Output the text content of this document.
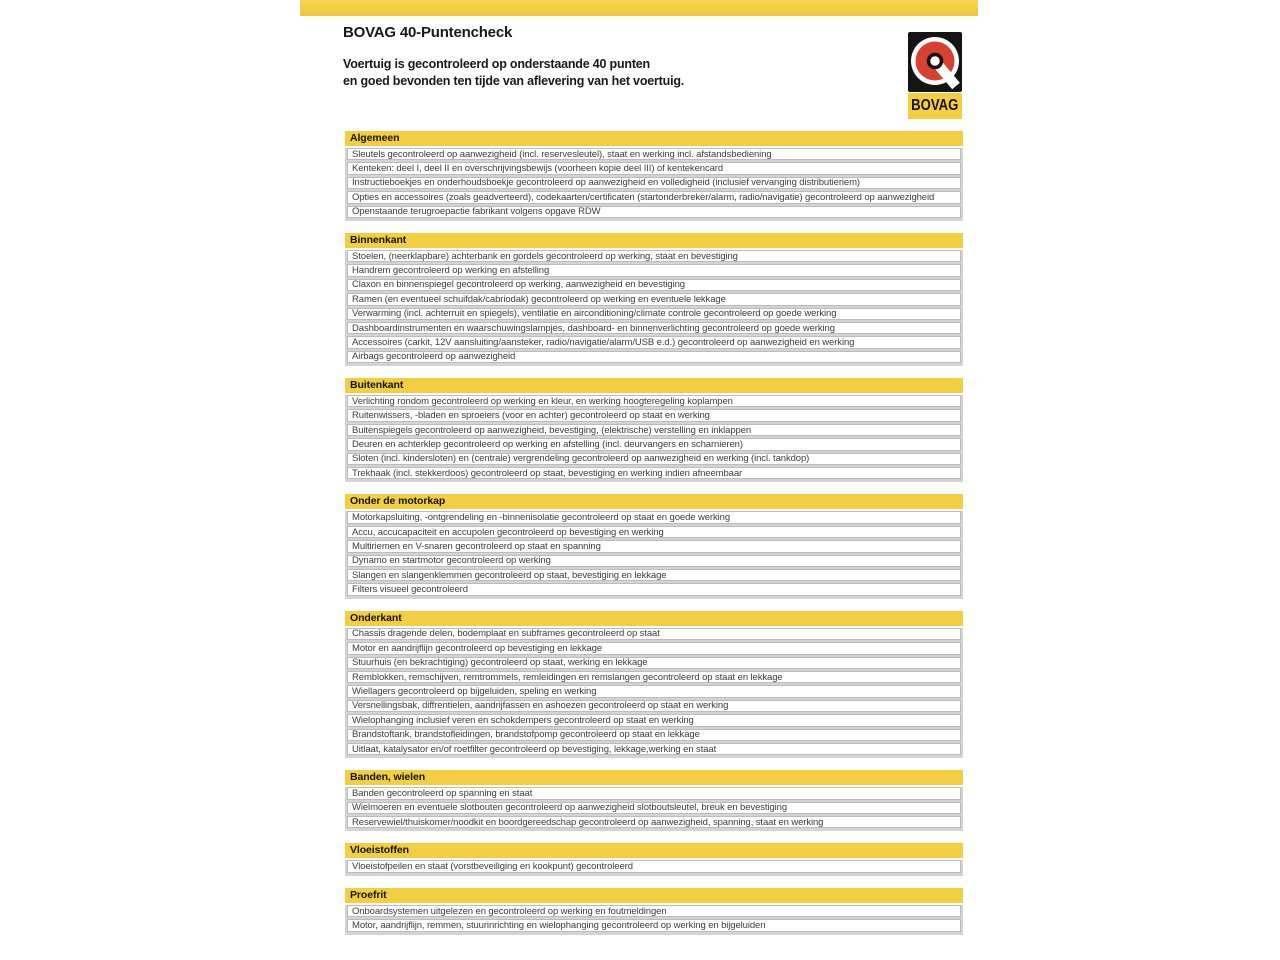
BOVAG 40-Puntencheck
Voertuig is gecontroleerd op onderstaande 40 punten
en goed bevonden ten tijde van aflevering van het voertuig.
Algemeen
Sleutels gecontroleerd op aanwezigheid (incl. reservesleutel), staat en werking incl. afstandsbediening
Kenteken: deel I, deel II en overschrijvingsbewijs (voorheen kopie deel III) of kentekencard
Instructieboekjes en onderhoudsboekje gecontroleerd op aanwezigheid en volledigheid (inclusief vervanging distributieriem)
Opties en accessoires (zoals geadverteerd), codekaarten/certificaten (startonderbreker/alarm, radio/navigatie) gecontroleerd op aanwezigheid
Openstaande terugroepactie fabrikant volgens opgave RDW
Binnenkant
Stoelen, (neerklapbare) achterbank en gordels gecontroleerd op werking, staat en bevestiging
Handrem gecontroleerd op werking en afstelling
Claxon en binnenspiegel gecontroleerd op werking, aanwezigheid en bevestiging
Ramen (en eventueel schuifdak/cabriodak) gecontroleerd op werking en eventuele lekkage
Verwarming (incl. achterruit en spiegels), ventilatie en airconditioning/climate controle gecontroleerd op goede werking
Dashboardinstrumenten en waarschuwingslampjes, dashboard- en binnenverlichting gecontroleerd op goede werking
Accessoires (carkit, 12V aansluiting/aansteker, radio/navigatie/alarm/USB e.d.) gecontroleerd op aanwezigheid en werking
Airbags gecontroleerd op aanwezigheid
Buitenkant
Verlichting rondom gecontroleerd op werking en kleur, en werking hoogteregeling koplampen
Ruitenwissers, -bladen en sproeiers (voor en achter) gecontroleerd op staat en werking
Buitenspiegels gecontroleerd op aanwezigheid, bevestiging, (elektrische) verstelling en inklappen
Deuren en achterklep gecontroleerd op werking en afstelling (incl. deurvangers en scharnieren)
Sloten (incl. kindersloten) en (centrale) vergrendeling gecontroleerd op aanwezigheid en werking (incl. tankdop)
Trekhaak (incl. stekkerdoos) gecontroleerd op staat, bevestiging en werking indien afneembaar
Onder de motorkap
Motorkapsluiting, -ontgrendeling en -binnenisolatie gecontroleerd op staat en goede werking
Accu, accucapaciteit en accupolen gecontroleerd op bevestiging en werking
Multiriemen en V-snaren gecontroleerd op staat en spanning
Dynamo en startmotor gecontroleerd op werking
Slangen en slangenklemmen gecontroleerd op staat, bevestiging en lekkage
Filters visueel gecontroleerd
Onderkant
Chassis dragende delen, bodemplaat en subframes gecontroleerd op staat
Motor en aandrijflijn gecontroleerd op bevestiging en lekkage
Stuurhuis (en bekrachtiging) gecontroleerd op staat, werking en lekkage
Remblokken, remschijven, remtrommels, remleidingen en remslangen gecontroleerd op staat en lekkage
Wiellagers gecontroleerd op bijgeluiden, speling en werking
Versnellingsbak, diffrentielen, aandrijfassen en ashoezen gecontroleerd op staat en werking
Wielophanging inclusief veren en schokdempers gecontroleerd op staat en werking
Brandstoftank, brandstofleidingen, brandstofpomp gecontroleerd op staat en lekkage
Uitlaat, katalysator en/of roetfilter gecontroleerd op bevestiging, lekkage,werking en staat
Banden, wielen
Banden gecontroleerd op spanning en staat
Wielmoeren en eventuele slotbouten gecontroleerd op aanwezigheid slotboutsleutel, breuk en bevestiging
Reservewiel/thuiskomer/noodkit en boordgereedschap gecontroleerd op aanwezigheid, spanning, staat en werking
Vloeistoffen
Vloeistofpeilen en staat (vorstbeveiliging en kookpunt) gecontroleerd
Proefrit
Onboardsystemen uitgelezen en gecontroleerd op werking en foutmeldingen
Motor, aandrijflijn, remmen, stuurinrichting en wielophanging gecontroleerd op werking en bijgeluiden
BOVAG
